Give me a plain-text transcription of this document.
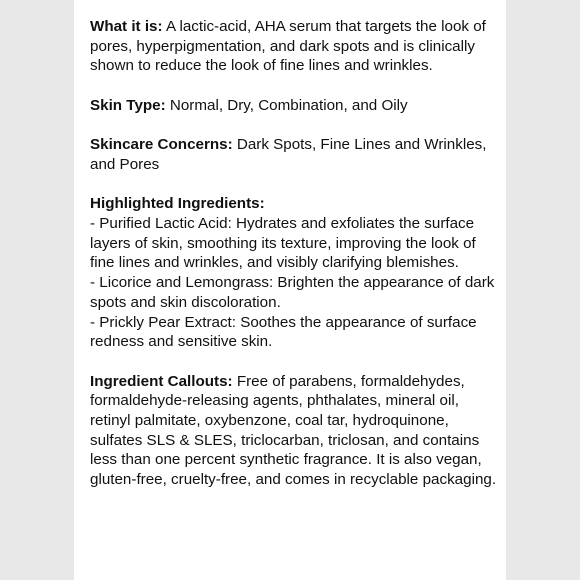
What it is: A lactic-acid, AHA serum that targets the look of pores, hyperpigmentation, and dark spots and is clinically shown to reduce the look of fine lines and wrinkles.
Skin Type: Normal, Dry, Combination, and Oily
Skincare Concerns: Dark Spots, Fine Lines and Wrinkles, and Pores
Highlighted Ingredients:
- Purified Lactic Acid: Hydrates and exfoliates the surface layers of skin, smoothing its texture, improving the look of fine lines and wrinkles, and visibly clarifying blemishes.
- Licorice and Lemongrass: Brighten the appearance of dark spots and skin discoloration.
- Prickly Pear Extract: Soothes the appearance of surface redness and sensitive skin.
Ingredient Callouts: Free of parabens, formaldehydes, formaldehyde-releasing agents, phthalates, mineral oil, retinyl palmitate, oxybenzone, coal tar, hydroquinone, sulfates SLS & SLES, triclocarban, triclosan, and contains less than one percent synthetic fragrance. It is also vegan, gluten-free, cruelty-free, and comes in recyclable packaging.
